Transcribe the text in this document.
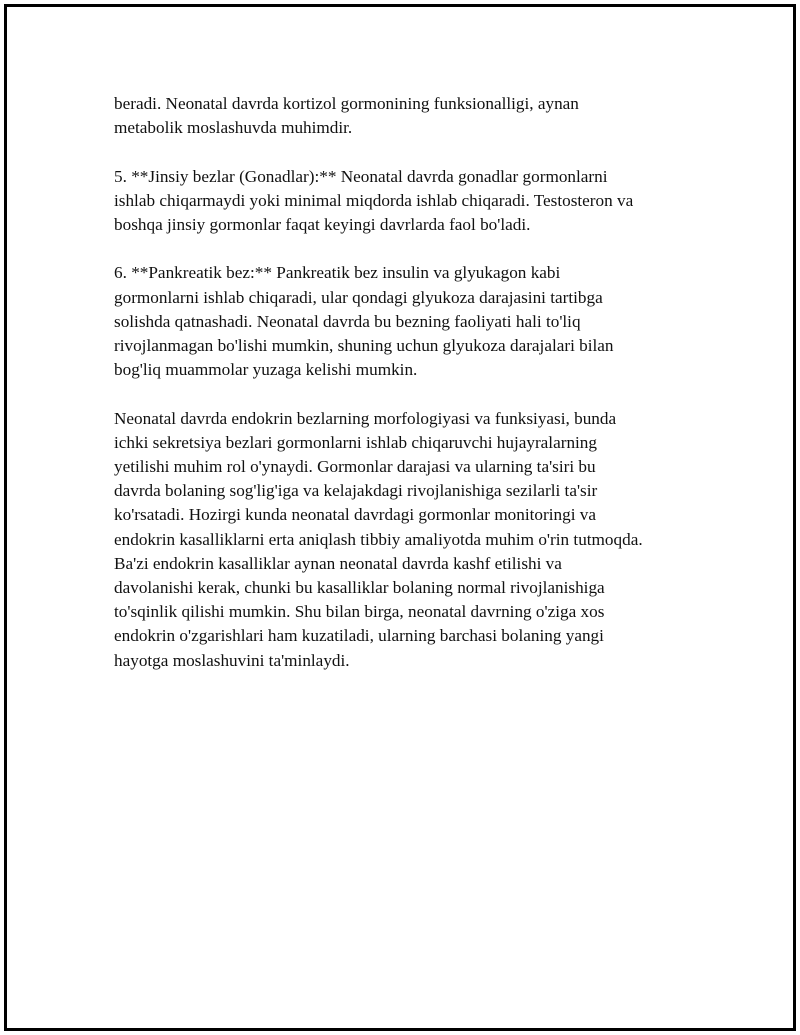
beradi. Neonatal davrda kortizol gormonining funksionalligi, aynan
metabolik moslashuvda muhimdir.

5. **Jinsiy bezlar (Gonadlar):** Neonatal davrda gonadlar gormonlarni
ishlab chiqarmaydi yoki minimal miqdorda ishlab chiqaradi. Testosteron va
boshqa jinsiy gormonlar faqat keyingi davrlarda faol bo'ladi.

6. **Pankreatik bez:** Pankreatik bez insulin va glyukagon kabi
gormonlarni ishlab chiqaradi, ular qondagi glyukoza darajasini tartibga
solishda qatnashadi. Neonatal davrda bu bezning faoliyati hali to'liq
rivojlanmagan bo'lishi mumkin, shuning uchun glyukoza darajalari bilan
bog'liq muammolar yuzaga kelishi mumkin.

Neonatal davrda endokrin bezlarning morfologiyasi va funksiyasi, bunda
ichki sekretsiya bezlari gormonlarni ishlab chiqaruvchi hujayralarning
yetilishi muhim rol o'ynaydi. Gormonlar darajasi va ularning ta'siri bu
davrda bolaning sog'lig'iga va kelajakdagi rivojlanishiga sezilarli ta'sir
ko'rsatadi. Hozirgi kunda neonatal davrdagi gormonlar monitoringi va
endokrin kasalliklarni erta aniqlash tibbiy amaliyotda muhim o'rin tutmoqda.
Ba'zi endokrin kasalliklar aynan neonatal davrda kashf etilishi va
davolanishi kerak, chunki bu kasalliklar bolaning normal rivojlanishiga
to'sqinlik qilishi mumkin. Shu bilan birga, neonatal davrning o'ziga xos
endokrin o'zgarishlari ham kuzatiladi, ularning barchasi bolaning yangi
hayotga moslashuvini ta'minlaydi.
